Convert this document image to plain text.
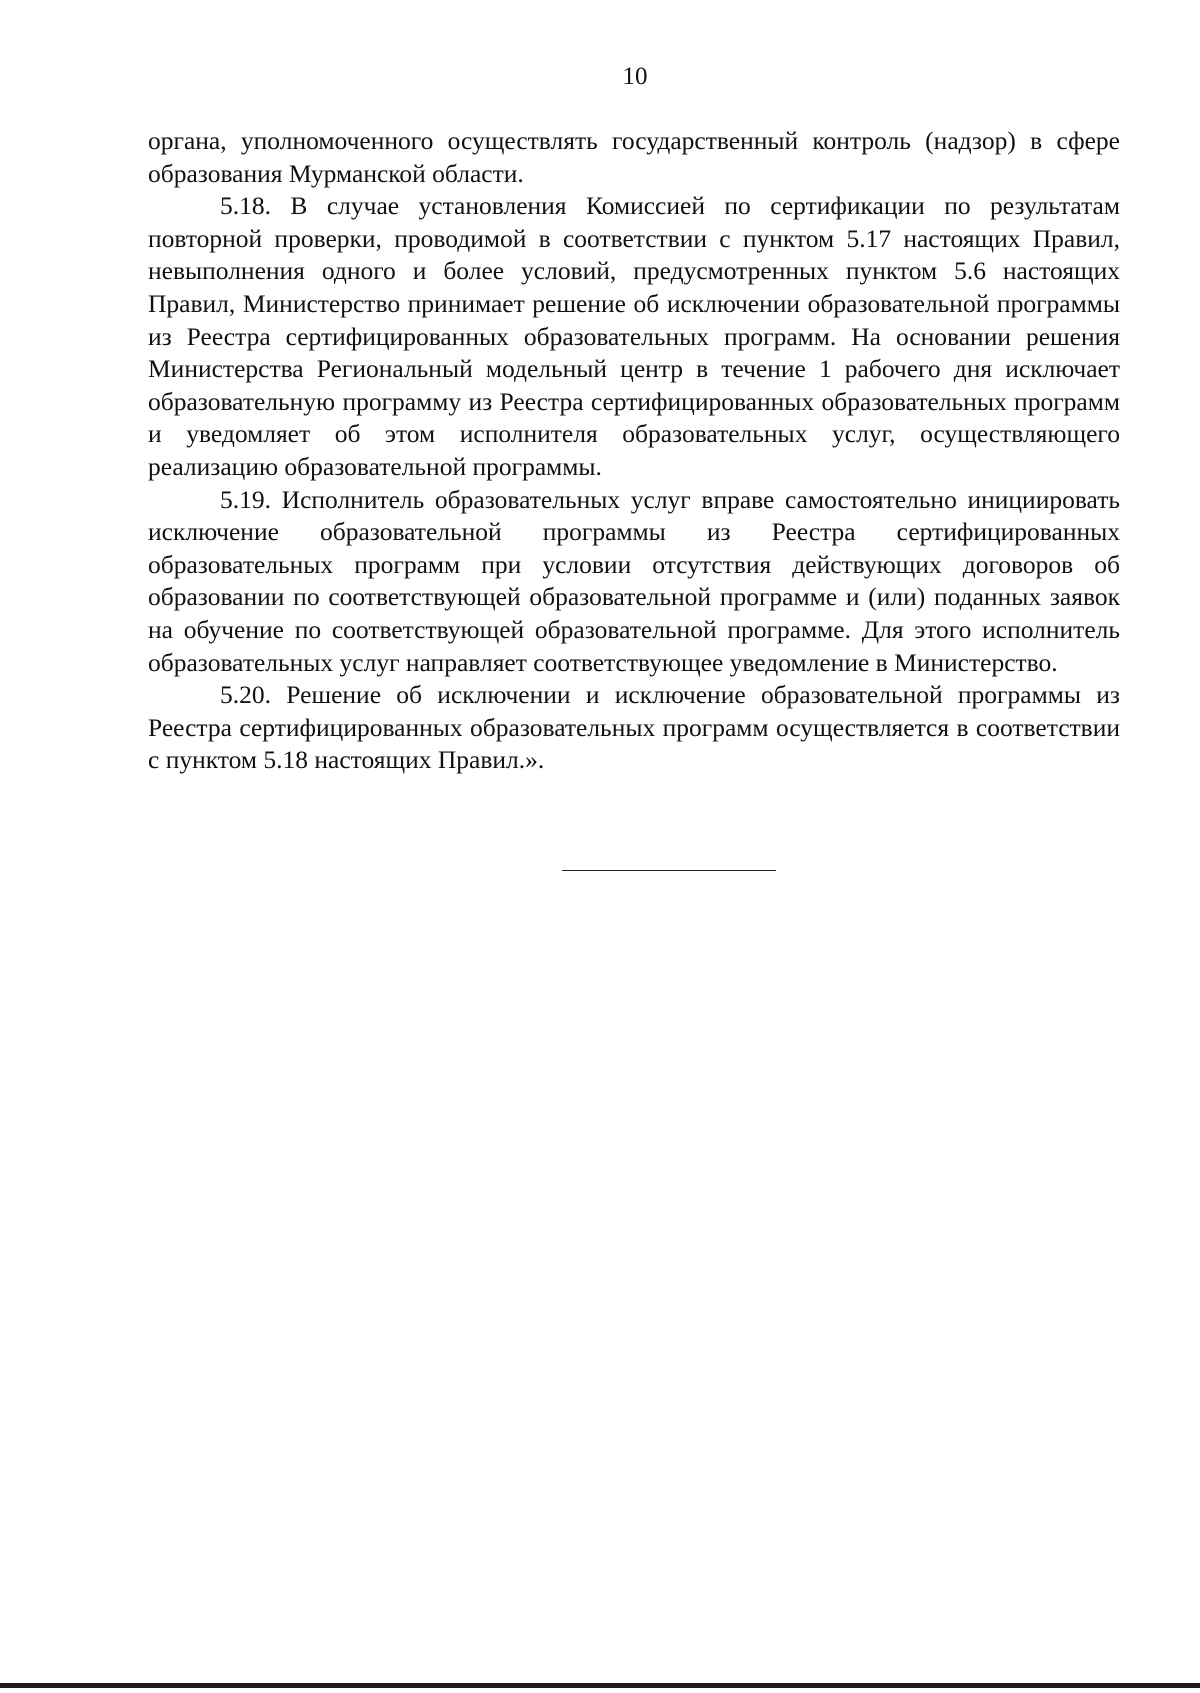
10

органа, уполномоченного осуществлять государственный контроль (надзор) в сфере образования Мурманской области.

5.18. В случае установления Комиссией по сертификации по результатам повторной проверки, проводимой в соответствии с пунктом 5.17 настоящих Правил, невыполнения одного и более условий, предусмотренных пунктом 5.6 настоящих Правил, Министерство принимает решение об исключении образовательной программы из Реестра сертифицированных образовательных программ. На основании решения Министерства Региональный модельный центр в течение 1 рабочего дня исключает образовательную программу из Реестра сертифицированных образовательных программ и уведомляет об этом исполнителя образовательных услуг, осуществляющего реализацию образовательной программы.

5.19. Исполнитель образовательных услуг вправе самостоятельно инициировать исключение образовательной программы из Реестра сертифицированных образовательных программ при условии отсутствия действующих договоров об образовании по соответствующей образовательной программе и (или) поданных заявок на обучение по соответствующей образовательной программе. Для этого исполнитель образовательных услуг направляет соответствующее уведомление в Министерство.

5.20. Решение об исключении и исключение образовательной программы из Реестра сертифицированных образовательных программ осуществляется в соответствии с пунктом 5.18 настоящих Правил.».
